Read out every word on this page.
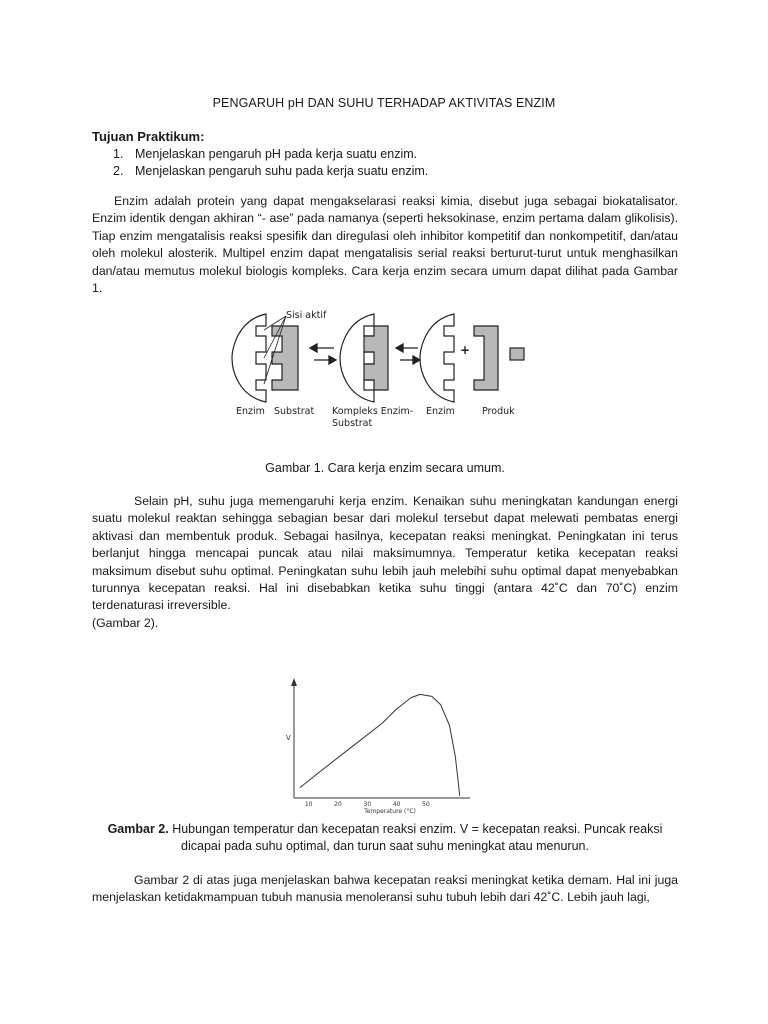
PENGARUH pH DAN SUHU TERHADAP AKTIVITAS ENZIM
Tujuan Praktikum:
1. Menjelaskan pengaruh pH pada kerja suatu enzim.
2. Menjelaskan pengaruh suhu pada kerja suatu enzim.

Enzim adalah protein yang dapat mengakselarasi reaksi kimia, disebut juga sebagai biokatalisator. Enzim identik dengan akhiran “- ase” pada namanya (seperti heksokinase, enzim pertama dalam glikolisis). Tiap enzim mengatalisis reaksi spesifik dan diregulasi oleh inhibitor kompetitif dan nonkompetitif, dan/atau oleh molekul alosterik. Multipel enzim dapat mengatalisis serial reaksi berturut-turut untuk menghasilkan dan/atau memutus molekul biologis kompleks. Cara kerja enzim secara umum dapat dilihat pada Gambar 1.

+
Sisi aktif
Enzim Substrat Kompleks Enzim-
Substrat
Enzim	Produk
Gambar 1. Cara kerja enzim secara umum.

Selain pH, suhu juga memengaruhi kerja enzim. Kenaikan suhu meningkatan kandungan energi suatu molekul reaktan sehingga sebagian besar dari molekul tersebut dapat melewati pembatas energi aktivasi dan membentuk produk. Sebagai hasilnya, kecepatan reaksi meningkat. Peningkatan ini terus berlanjut hingga mencapai puncak atau nilai maksimumnya. Temperatur ketika kecepatan reaksi maksimum disebut suhu optimal. Peningkatan suhu lebih jauh melebihi suhu optimal dapat menyebabkan turunnya kecepatan reaksi. Hal ini disebabkan ketika suhu tinggi (antara 42˚C dan 70˚C) enzim terdenaturasi irreversible.
(Gambar 2).

10	20	30	40	50
V
Temperature (°C)
Gambar 2. Hubungan temperatur dan kecepatan reaksi enzim. V = kecepatan reaksi. Puncak reaksi dicapai pada suhu optimal, dan turun saat suhu meningkat atau menurun.

Gambar 2 di atas juga menjelaskan bahwa kecepatan reaksi meningkat ketika demam. Hal ini juga menjelaskan ketidakmampuan tubuh manusia menoleransi suhu tubuh lebih dari 42˚C. Lebih jauh lagi,
